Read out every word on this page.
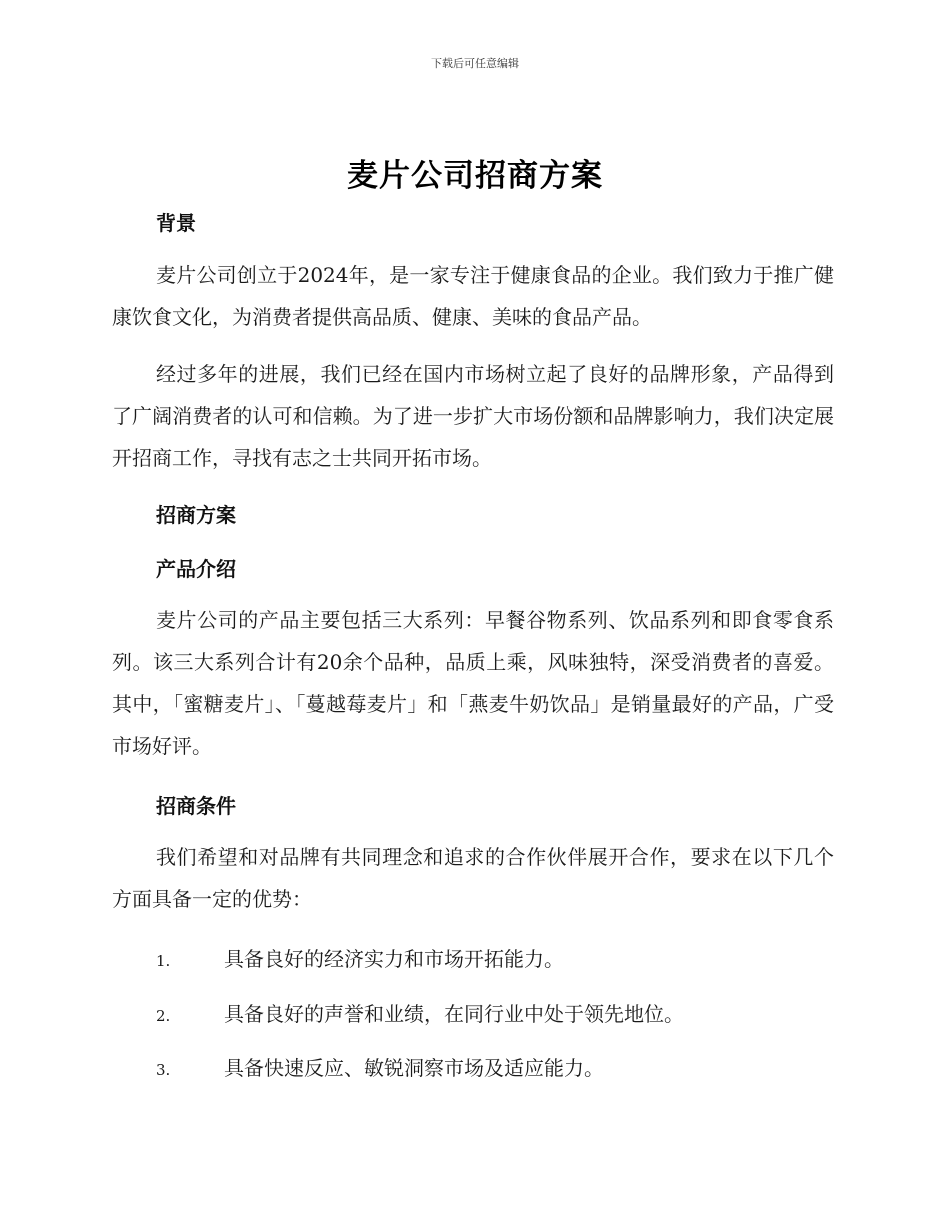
下载后可任意编辑
麦片公司招商方案
背景
麦片公司创立于2024年，是一家专注于健康食品的企业。我们致力于推广健康饮食文化，为消费者提供高品质、健康、美味的食品产品。
经过多年的进展，我们已经在国内市场树立起了良好的品牌形象，产品得到了广阔消费者的认可和信赖。为了进一步扩大市场份额和品牌影响力，我们决定展开招商工作，寻找有志之士共同开拓市场。
招商方案
产品介绍
麦片公司的产品主要包括三大系列：早餐谷物系列、饮品系列和即食零食系列。该三大系列合计有20余个品种，品质上乘，风味独特，深受消费者的喜爱。其中，「蜜糖麦片」、「蔓越莓麦片」和「燕麦牛奶饮品」是销量最好的产品，广受市场好评。
招商条件
我们希望和对品牌有共同理念和追求的合作伙伴展开合作，要求在以下几个方面具备一定的优势：
1.	具备良好的经济实力和市场开拓能力。
2.	具备良好的声誉和业绩，在同行业中处于领先地位。
3.	具备快速反应、敏锐洞察市场及适应能力。
